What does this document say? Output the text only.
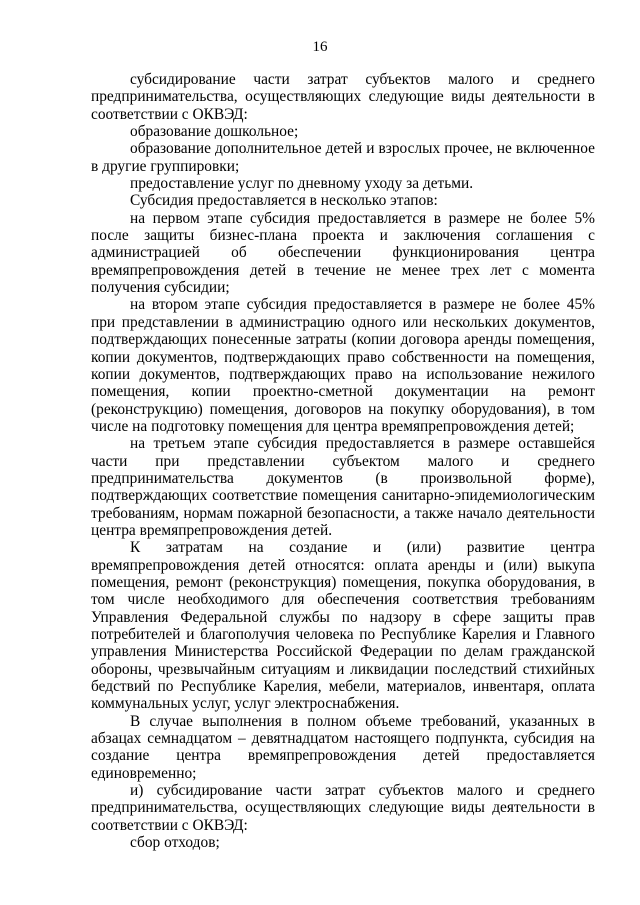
16

субсидирование части затрат субъектов малого и среднего предпринимательства, осуществляющих следующие виды деятельности в соответствии с ОКВЭД:

образование дошкольное;

образование дополнительное детей и взрослых прочее, не включенное в другие группировки;

предоставление услуг по дневному уходу за детьми.

Субсидия предоставляется в несколько этапов:

на первом этапе субсидия предоставляется в размере не более 5% после защиты бизнес-плана проекта и заключения соглашения с администрацией об обеспечении функционирования центра времяпрепровождения детей в течение не менее трех лет с момента получения субсидии;

на втором этапе субсидия предоставляется в размере не более 45% при представлении в администрацию одного или нескольких документов, подтверждающих понесенные затраты (копии договора аренды помещения, копии документов, подтверждающих право собственности на помещения, копии документов, подтверждающих право на использование нежилого помещения, копии проектно-сметной документации на ремонт (реконструкцию) помещения, договоров на покупку оборудования), в том числе на подготовку помещения для центра времяпрепровождения детей;

на третьем этапе субсидия предоставляется в размере оставшейся части при представлении субъектом малого и среднего предпринимательства документов (в произвольной форме), подтверждающих соответствие помещения санитарно-эпидемиологическим требованиям, нормам пожарной безопасности, а также начало деятельности центра времяпрепровождения детей.

К затратам на создание и (или) развитие центра времяпрепровождения детей относятся: оплата аренды и (или) выкупа помещения, ремонт (реконструкция) помещения, покупка оборудования, в том числе необходимого для обеспечения соответствия требованиям Управления Федеральной службы по надзору в сфере защиты прав потребителей и благополучия человека по Республике Карелия и Главного управления Министерства Российской Федерации по делам гражданской обороны, чрезвычайным ситуациям и ликвидации последствий стихийных бедствий по Республике Карелия, мебели, материалов, инвентаря, оплата коммунальных услуг, услуг электроснабжения.

В случае выполнения в полном объеме требований, указанных в абзацах семнадцатом – девятнадцатом настоящего подпункта, субсидия на создание центра времяпрепровождения детей предоставляется единовременно;

и) субсидирование части затрат субъектов малого и среднего предпринимательства, осуществляющих следующие виды деятельности в соответствии с ОКВЭД:

сбор отходов;
